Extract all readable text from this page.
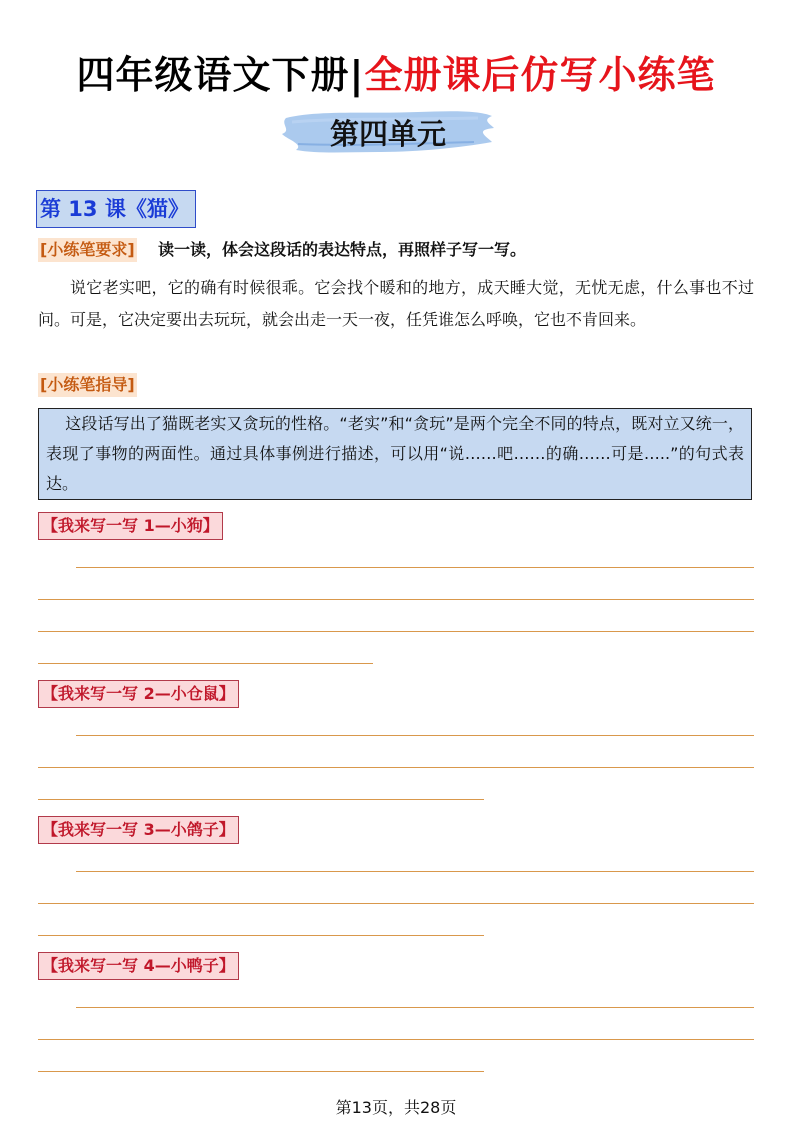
四年级语文下册|全册课后仿写小练笔
第四单元
第 13 课《猫》
[小练笔要求] 读一读，体会这段话的表达特点，再照样子写一写。
说它老实吧，它的确有时候很乖。它会找个暖和的地方，成天睡大觉，无忧无虑，什么事也不过问。可是，它决定要出去玩玩，就会出走一天一夜，任凭谁怎么呼唤，它也不肯回来。
[小练笔指导]
这段话写出了猫既老实又贪玩的性格。“老实”和“贪玩”是两个完全不同的特点，既对立又统一，表现了事物的两面性。通过具体事例进行描述，可以用“说……吧……的确……可是…..”的句式表达。
【我来写一写 1—小狗】
【我来写一写 2—小仓鼠】
【我来写一写 3—小鸽子】
【我来写一写 4—小鸭子】
第13页，共28页
